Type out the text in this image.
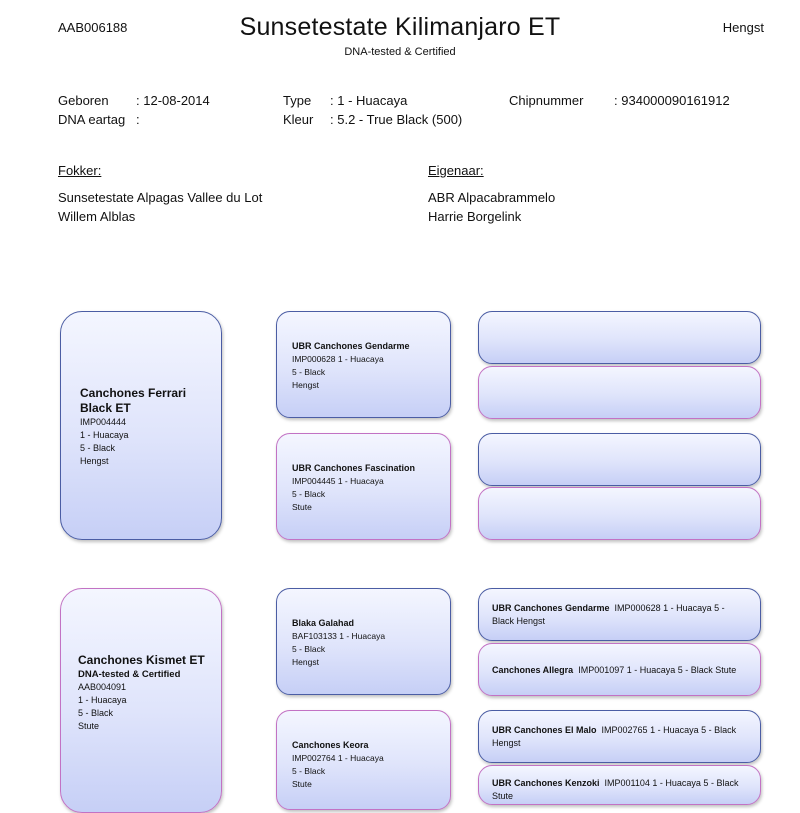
AAB006188	Sunsetestate Kilimanjaro ET
DNA-tested & Certified
Hengst
Geboren : 12-08-2014
DNA eartag :
Type : 1 - Huacaya
Kleur : 5.2 - True Black (500)
Chipnummer : 934000090161912
Fokker:
Sunsetestate Alpagas Vallee du Lot
Willem Alblas
Eigenaar:
ABR Alpacabrammelo
Harrie Borgelink
Canchones Ferrari
Black ET
IMP004444
1 - Huacaya
5 - Black
Hengst
Canchones Kismet ET
DNA-tested & Certified
AAB004091
1 - Huacaya
5 - Black
Stute
UBR Canchones Gendarme
IMP000628 1 - Huacaya
5 - Black
Hengst
UBR Canchones Fascination
IMP004445 1 - Huacaya
5 - Black
Stute
Blaka Galahad
BAF103133 1 - Huacaya
5 - Black
Hengst
Canchones Keora
IMP002764 1 - Huacaya
5 - Black
Stute
UBR Canchones Gendarme IMP000628 1 - Huacaya 5 -
Black Hengst
Canchones Allegra IMP001097 1 - Huacaya 5 - Black Stute
UBR Canchones El Malo IMP002765 1 - Huacaya 5 - Black
Hengst
UBR Canchones Kenzoki IMP001104 1 - Huacaya 5 - Black
Stute
